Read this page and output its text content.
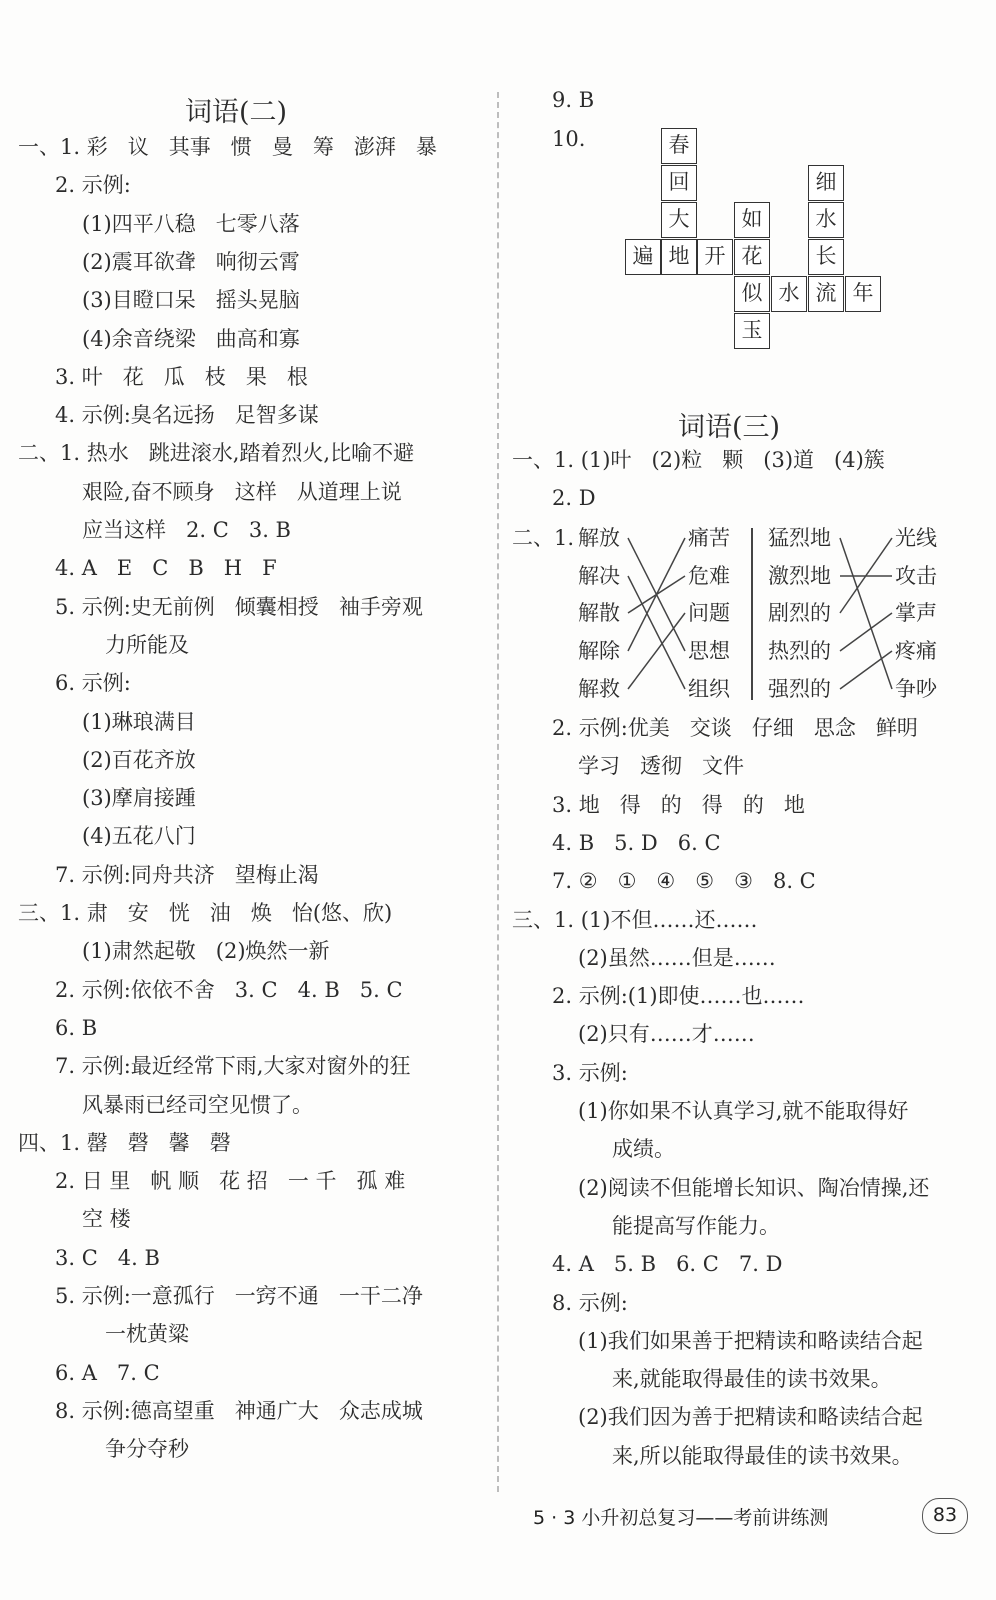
词语(二)
一、1. 彩   议   其事   惯   曼   筹   澎湃   暴
2. 示例:
(1)四平八稳   七零八落
(2)震耳欲聋   响彻云霄
(3)目瞪口呆   摇头晃脑
(4)余音绕梁   曲高和寡
3. 叶   花   瓜   枝   果   根
4. 示例:臭名远扬   足智多谋
二、1. 热水   跳进滚水,踏着烈火,比喻不避
艰险,奋不顾身   这样   从道理上说
应当这样   2. C   3. B
4. A   E   C   B   H   F
5. 示例:史无前例   倾囊相授   袖手旁观
力所能及
6. 示例:
(1)琳琅满目
(2)百花齐放
(3)摩肩接踵
(4)五花八门
7. 示例:同舟共济   望梅止渴
三、1. 肃   安   恍   油   焕   怡(悠、欣)
(1)肃然起敬   (2)焕然一新
2. 示例:依依不舍   3. C   4. B   5. C
6. B
7. 示例:最近经常下雨,大家对窗外的狂
风暴雨已经司空见惯了。
四、1. 罄   磬   馨   磬
2. 日 里   帆 顺   花 招   一 千   孤 难
空 楼
3. C   4. B
5. 示例:一意孤行   一窍不通   一干二净
一枕黄粱
6. A   7. C
8. 示例:德高望重   神通广大   众志成城
争分夺秒
9. B
10.	春
回
大
遍 地 开 花
如
似
玉
细
水
长
水 流 年
词语(三)
一、1. (1)叶   (2)粒   颗   (3)道   (4)簇
2. D
二、1. 解放
解决
解散
解除
解救
痛苦
危难
问题
思想
组织
猛烈地
激烈地
剧烈的
热烈的
强烈的
光线
攻击
掌声
疼痛
争吵
2. 示例:优美   交谈   仔细   思念   鲜明
学习   透彻   文件
3. 地   得   的   得   的   地
4. B   5. D   6. C
7. ②   ①   ④   ⑤   ③   8. C
三、1. (1)不但……还……
(2)虽然……但是……
2. 示例:(1)即使……也……
(2)只有……才……
3. 示例:
(1)你如果不认真学习,就不能取得好
成绩。
(2)阅读不但能增长知识、陶冶情操,还
能提高写作能力。
4. A   5. B   6. C   7. D
8. 示例:
(1)我们如果善于把精读和略读结合起
来,就能取得最佳的读书效果。
(2)我们因为善于把精读和略读结合起
来,所以能取得最佳的读书效果。
5 · 3 小升初总复习——考前讲练测	83
